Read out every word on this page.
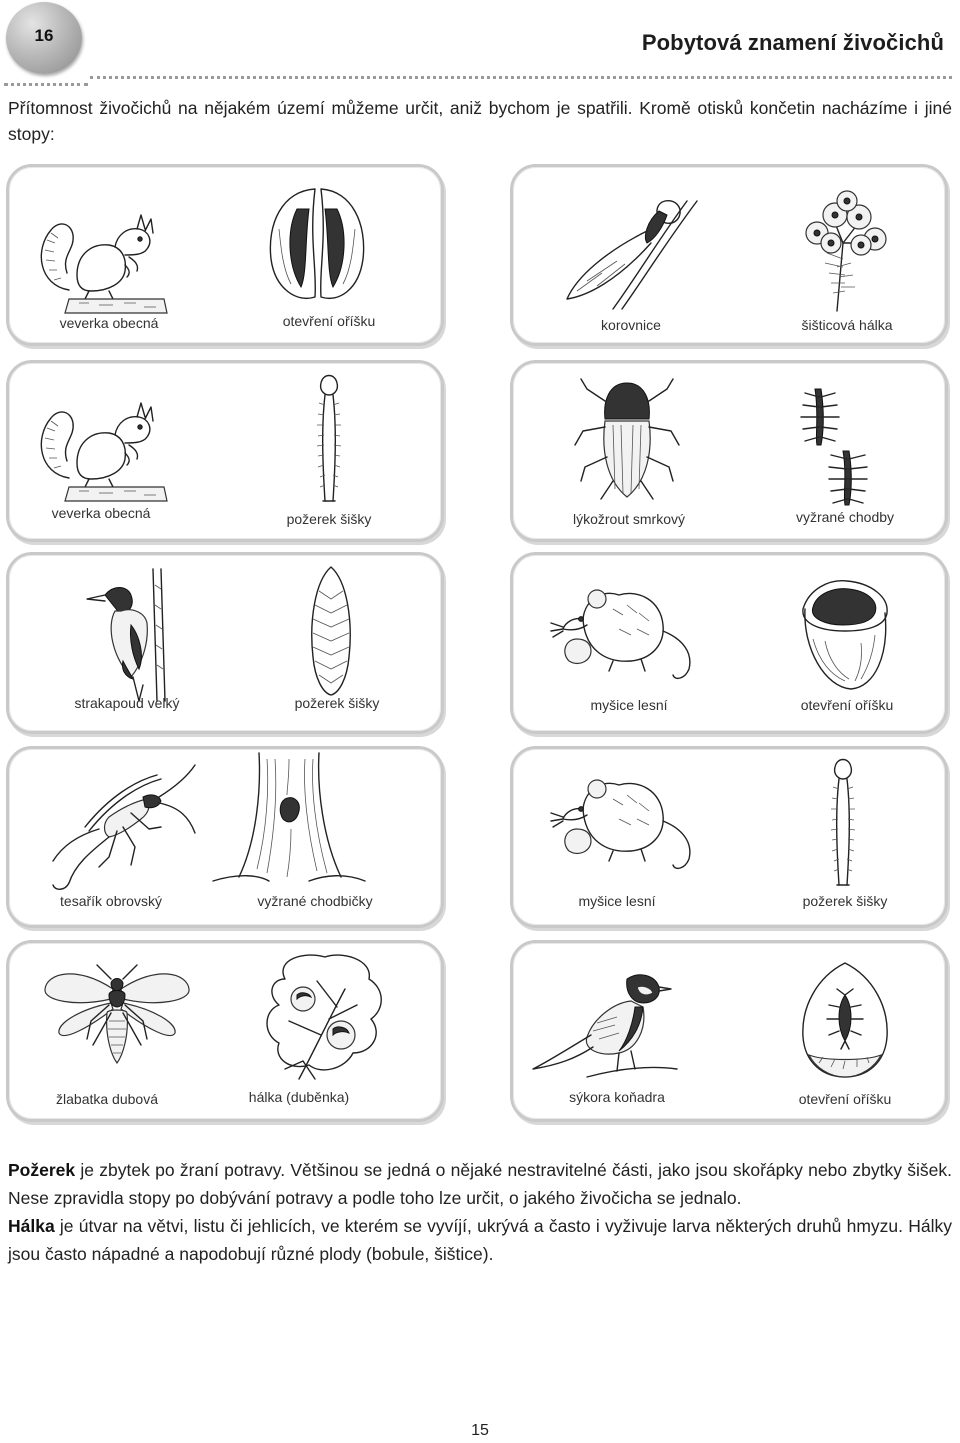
16	Pobytová znamení živočichů
Přítomnost živočichů na nějakém území můžeme určit, aniž bychom je spatřili. Kromě otisků končetin nacházíme i jiné stopy:
veverka obecná	otevření oříšku	korovnice	šišticová hálka
veverka obecná	požerek šišky	lýkožrout smrkový	vyžrané chodby
strakapoud velký	požerek šišky	myšice lesní	otevření oříšku
tesařík obrovský	vyžrané chodbičky	myšice lesní	požerek šišky
žlabatka dubová	hálka (duběnka)	sýkora koňadra	otevření oříšku

Požerek je zbytek po žraní potravy. Většinou se jedná o nějaké nestravitelné části, jako jsou skořápky nebo zbytky šišek. Nese zpravidla stopy po dobývání potravy a podle toho lze určit, o jakého živočicha se jednalo.

Hálka je útvar na větvi, listu či jehlicích, ve kterém se vyvíjí, ukrývá a často i vyživuje larva některých druhů hmyzu. Hálky jsou často nápadné a napodobují různé plody (bobule, šištice).

15
